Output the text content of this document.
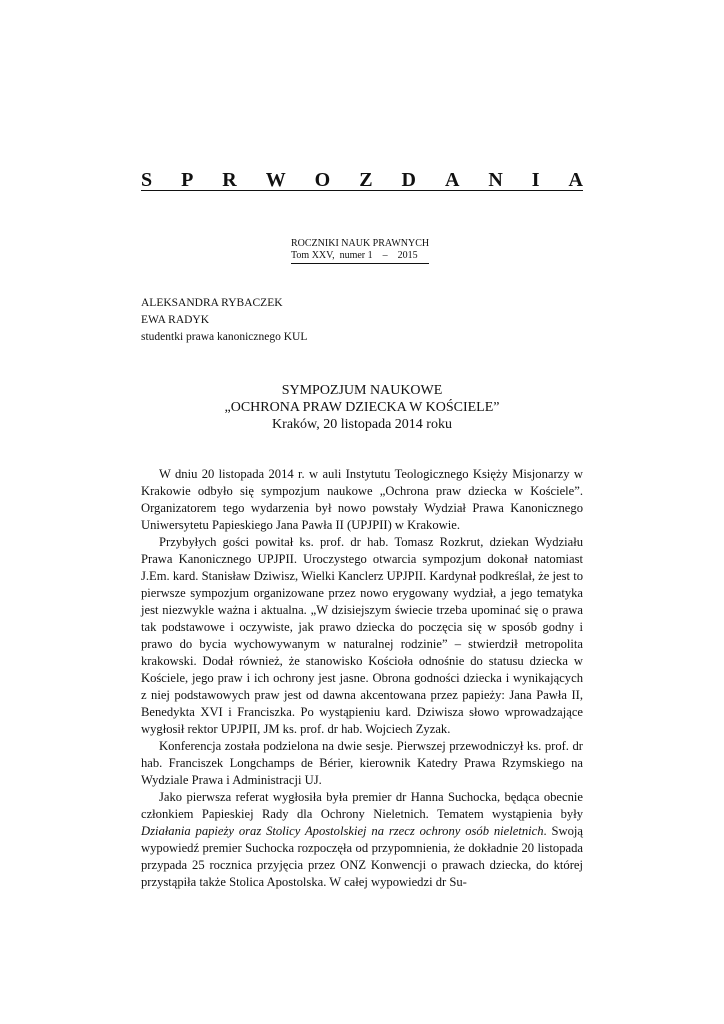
S P R W O Z D A N I A
ROCZNIKI NAUK PRAWNYCH
Tom XXV,  numer 1    –    2015
ALEKSANDRA RYBACZEK
EWA RADYK
studentki prawa kanonicznego KUL
SYMPOZJUM NAUKOWE
„OCHRONA PRAW DZIECKA W KOŚCIELE”
Kraków, 20 listopada 2014 roku

W dniu 20 listopada 2014 r. w auli Instytutu Teologicznego Księży Misjonarzy w Krakowie odbyło się sympozjum naukowe „Ochrona praw dziecka w Kościele”. Organizatorem tego wydarzenia był nowo powstały Wydział Prawa Kanonicznego Uniwersytetu Papieskiego Jana Pawła II (UPJPII) w Krakowie.

Przybyłych gości powitał ks. prof. dr hab. Tomasz Rozkrut, dziekan Wydziału Prawa Kanonicznego UPJPII. Uroczystego otwarcia sympozjum dokonał natomiast J.Em. kard. Stanisław Dziwisz, Wielki Kanclerz UPJPII. Kardynał podkreślał, że jest to pierwsze sympozjum organizowane przez nowo erygowany wydział, a jego tematyka jest niezwykle ważna i aktualna. „W dzisiejszym świecie trzeba upominać się o prawa tak podstawowe i oczywiste, jak prawo dziecka do poczęcia się w sposób godny i prawo do bycia wychowywanym w naturalnej rodzinie” – stwierdził metropolita krakowski. Dodał również, że stanowisko Kościoła odnośnie do statusu dziecka w Kościele, jego praw i ich ochrony jest jasne. Obrona godności dziecka i wynikających z niej podstawowych praw jest od dawna akcentowana przez papieży: Jana Pawła II, Benedykta XVI i Franciszka. Po wystąpieniu kard. Dziwisza słowo wprowadzające wygłosił rektor UPJPII, JM ks. prof. dr hab. Wojciech Zyzak.

Konferencja została podzielona na dwie sesje. Pierwszej przewodniczył ks. prof. dr hab. Franciszek Longchamps de Bérier, kierownik Katedry Prawa Rzymskiego na Wydziale Prawa i Administracji UJ.

Jako pierwsza referat wygłosiła była premier dr Hanna Suchocka, będąca obecnie członkiem Papieskiej Rady dla Ochrony Nieletnich. Tematem wystąpienia były Działania papieży oraz Stolicy Apostolskiej na rzecz ochrony osób nieletnich. Swoją wypowiedź premier Suchocka rozpoczęła od przypomnienia, że dokładnie 20 listopada przypada 25 rocznica przyjęcia przez ONZ Konwencji o prawach dziecka, do której przystąpiła także Stolica Apostolska. W całej wypowiedzi dr Su-
